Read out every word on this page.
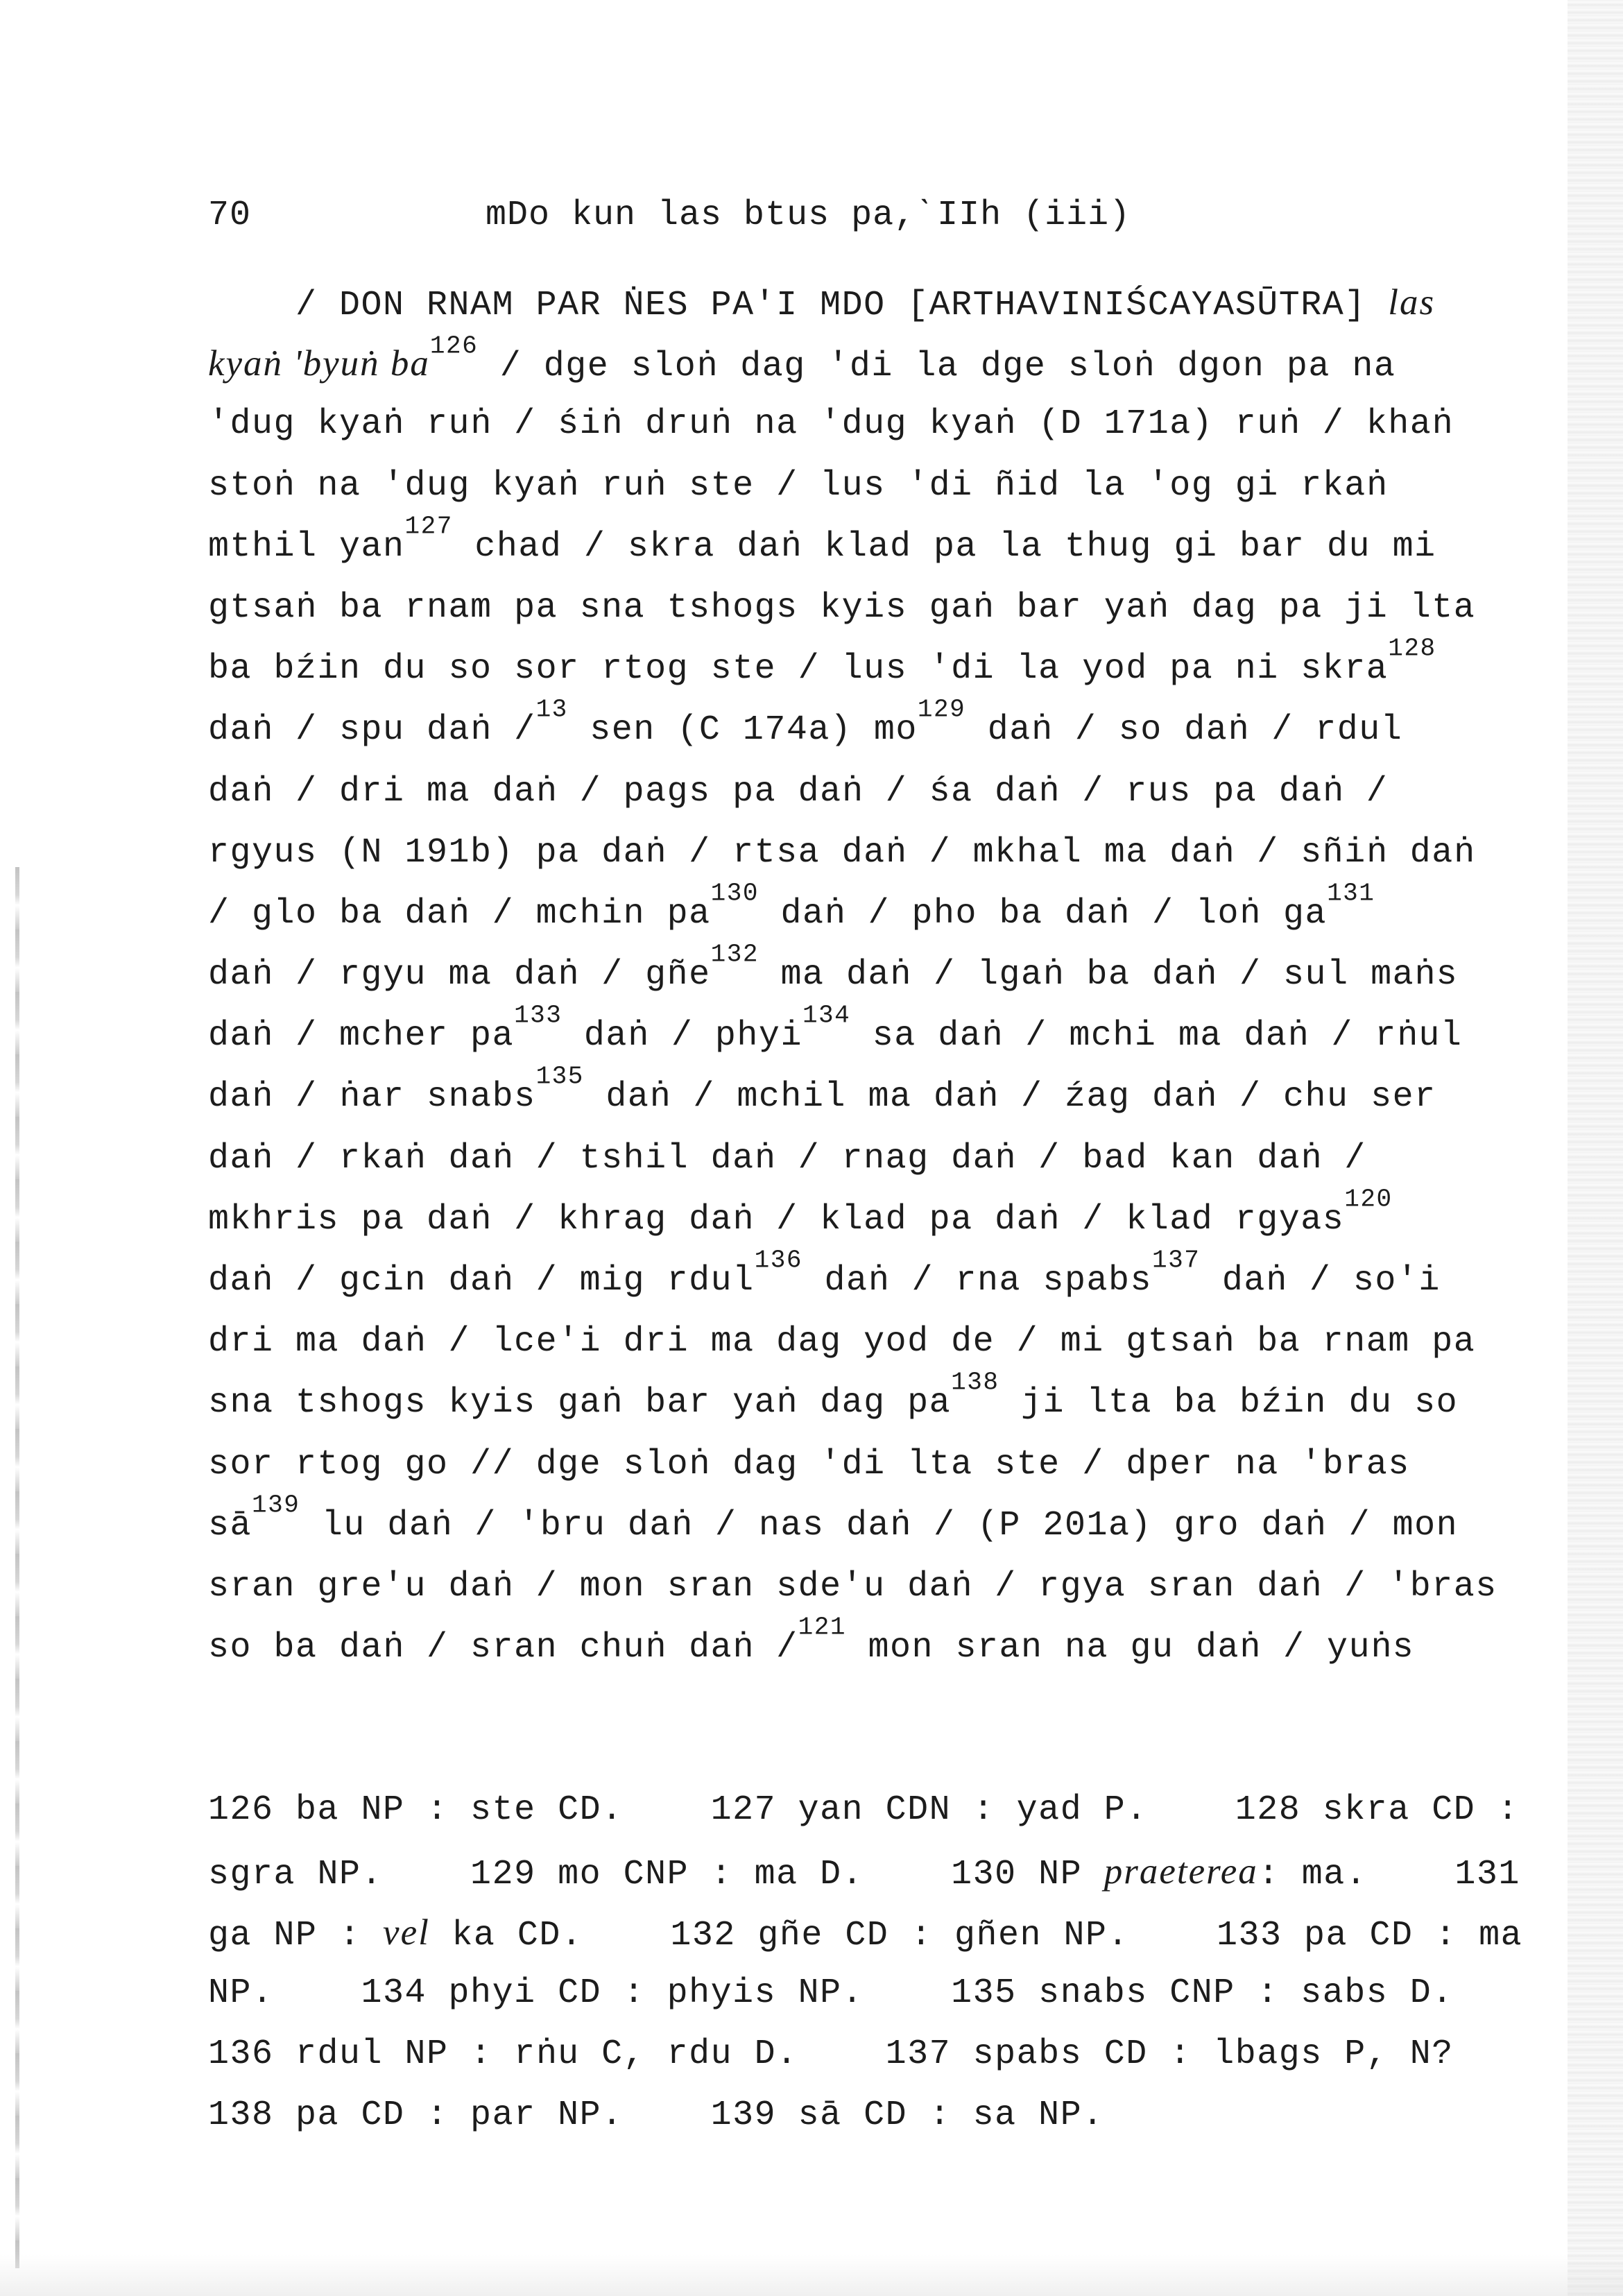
70	mDo kun las btus pa,ˋIIh (iii)
/ DON RNAM PAR ṄES PA'I MDO [ARTHAVINIŚCAYASŪTRA] las
kyaṅ 'byuṅ $ba^{126}$ / dge sloṅ dag 'di la dge sloṅ dgon pa na
'dug kyaṅ ruṅ / śiṅ druṅ na 'dug kyaṅ (D 171a) ruṅ / khaṅ
stoṅ na 'dug kyaṅ ruṅ ste / lus 'di ñid la 'og gi rkaṅ
mthil yan$^{127}$ chad / skra daṅ klad pa la thug gi bar du mi
gtsaṅ ba rnam pa sna tshogs kyis gaṅ bar yaṅ dag pa ji lta
ba bźin du so sor rtog ste / lus 'di la yod pa ni skra$^{128}$
daṅ / spu daṅ /$^{13}$ sen (C 174a) $mo^{129}$ daṅ / so daṅ / rdul
daṅ / dri ma daṅ / pags pa daṅ / śa daṅ / rus pa daṅ /
rgyus (N 191b) pa daṅ / rtsa daṅ / mkhal ma daṅ / sñiṅ daṅ
/ glo ba daṅ / mchin $pa^{130}$ daṅ / pho ba daṅ / loṅ $ga^{131}$
daṅ / rgyu ma daṅ / gñe$^{132}$ ma daṅ / lgaṅ ba daṅ / sul maṅs
daṅ / mcher $pa^{133}$ daṅ / phyi$^{134}$ sa daṅ / mchi ma daṅ / rṅul
daṅ / ṅar snabs$^{135}$ daṅ / mchil ma daṅ / źag daṅ / chu ser
daṅ / rkaṅ daṅ / tshil daṅ / rnag daṅ / bad kan daṅ /
mkhris pa daṅ / khrag daṅ / klad pa daṅ / klad rgyas$^{120}$
daṅ / gcin daṅ / mig rdul$^{136}$ daṅ / rna spabs$^{137}$ daṅ / so'i
dri ma daṅ / lce'i dri ma dag yod de / mi gtsaṅ ba rnam pa
sna tshogs kyis gaṅ bar yaṅ dag $pa^{138}$ ji lta ba bźin du so
sor rtog go // dge sloṅ dag 'di lta ste / dper na 'bras
$sā^{139}$ lu daṅ / 'bru daṅ / nas daṅ / (P 201a) gro daṅ / mon
sran gre'u daṅ / mon sran sde'u daṅ / rgya sran daṅ / 'bras
so ba daṅ / sran chuṅ daṅ /$^{121}$ mon sran na gu daṅ / yuṅs
126 ba NP : ste CD.    127 yan CDN : yad P.    128 skra CD :
sgra NP.    129 mo CNP : ma D.    130 NP praeterea: ma.    131
ga NP : vel ka CD.    132 gñe CD : gñen NP.    133 pa CD : ma
NP.    134 phyi CD : phyis NP.    135 snabs CNP : sabs D.
136 rdul NP : rṅu C, rdu D.    137 spabs CD : lbags P, N?
138 pa CD : par NP.    139 sā CD : sa NP.
